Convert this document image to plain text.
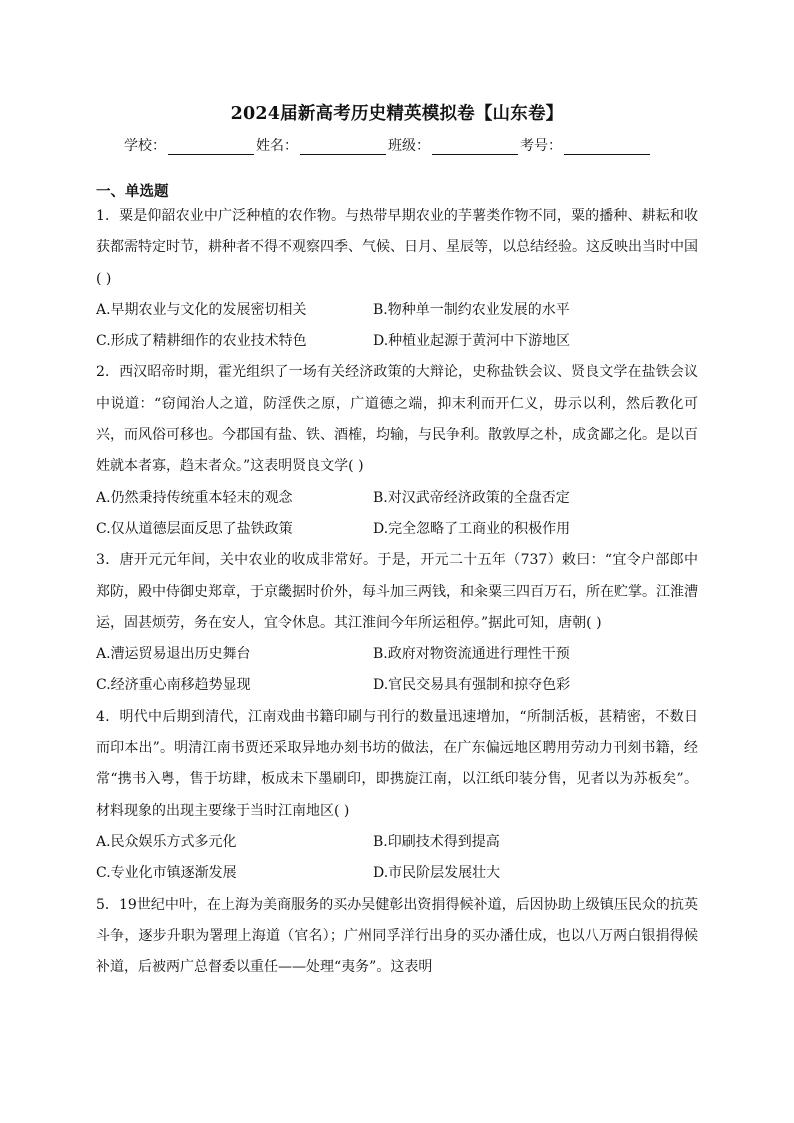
2024届新高考历史精英模拟卷【山东卷】
学校：	姓名：	班级：	考号：
一、单选题

1．粟是仰韶农业中广泛种植的农作物。与热带早期农业的芋薯类作物不同，粟的播种、耕耘和收获都需特定时节，耕种者不得不观察四季、气候、日月、星辰等，以总结经验。这反映出当时中国( )

A.早期农业与文化的发展密切相关	B.物种单一制约农业发展的水平
C.形成了精耕细作的农业技术特色	D.种植业起源于黄河中下游地区

2．西汉昭帝时期，霍光组织了一场有关经济政策的大辩论，史称盐铁会议、贤良文学在盐铁会议中说道：“窃闻治人之道，防淫佚之原，广道德之端，抑末利而开仁义，毋示以利，然后教化可兴，而风俗可移也。今郡国有盐、铁、酒榷，均输，与民争利。散敦厚之朴，成贪鄙之化。是以百姓就本者寡，趋末者众。”这表明贤良文学( )

A.仍然秉持传统重本轻末的观念	B.对汉武帝经济政策的全盘否定
C.仅从道德层面反思了盐铁政策	D.完全忽略了工商业的积极作用

3．唐开元元年间，关中农业的收成非常好。于是，开元二十五年（737）敕曰：“宜令户部郎中郑防，殿中侍御史郑章，于京畿据时价外，每斗加三两钱，和籴粟三四百万石，所在贮掌。江淮漕运，固甚烦劳，务在安人，宜令休息。其江淮间今年所运租停。”据此可知，唐朝( )

A.漕运贸易退出历史舞台	B.政府对物资流通进行理性干预
C.经济重心南移趋势显现	D.官民交易具有强制和掠夺色彩

4．明代中后期到清代，江南戏曲书籍印刷与刊行的数量迅速增加，“所制活板，甚精密，不数日而印本出”。明清江南书贾还采取异地办刻书坊的做法，在广东偏远地区聘用劳动力刊刻书籍，经常“携书入粤，售于坊肆，板成未下墨刷印，即携旋江南，以江纸印装分售，见者以为苏板矣”。材料现象的出现主要缘于当时江南地区( )

A.民众娱乐方式多元化	B.印刷技术得到提高
C.专业化市镇逐渐发展	D.市民阶层发展壮大

5．19世纪中叶，在上海为美商服务的买办吴健彰出资捐得候补道，后因协助上级镇压民众的抗英斗争，逐步升职为署理上海道（官名）；广州同孚洋行出身的买办潘仕成，也以八万两白银捐得候补道，后被两广总督委以重任——处理“夷务”。这表明
